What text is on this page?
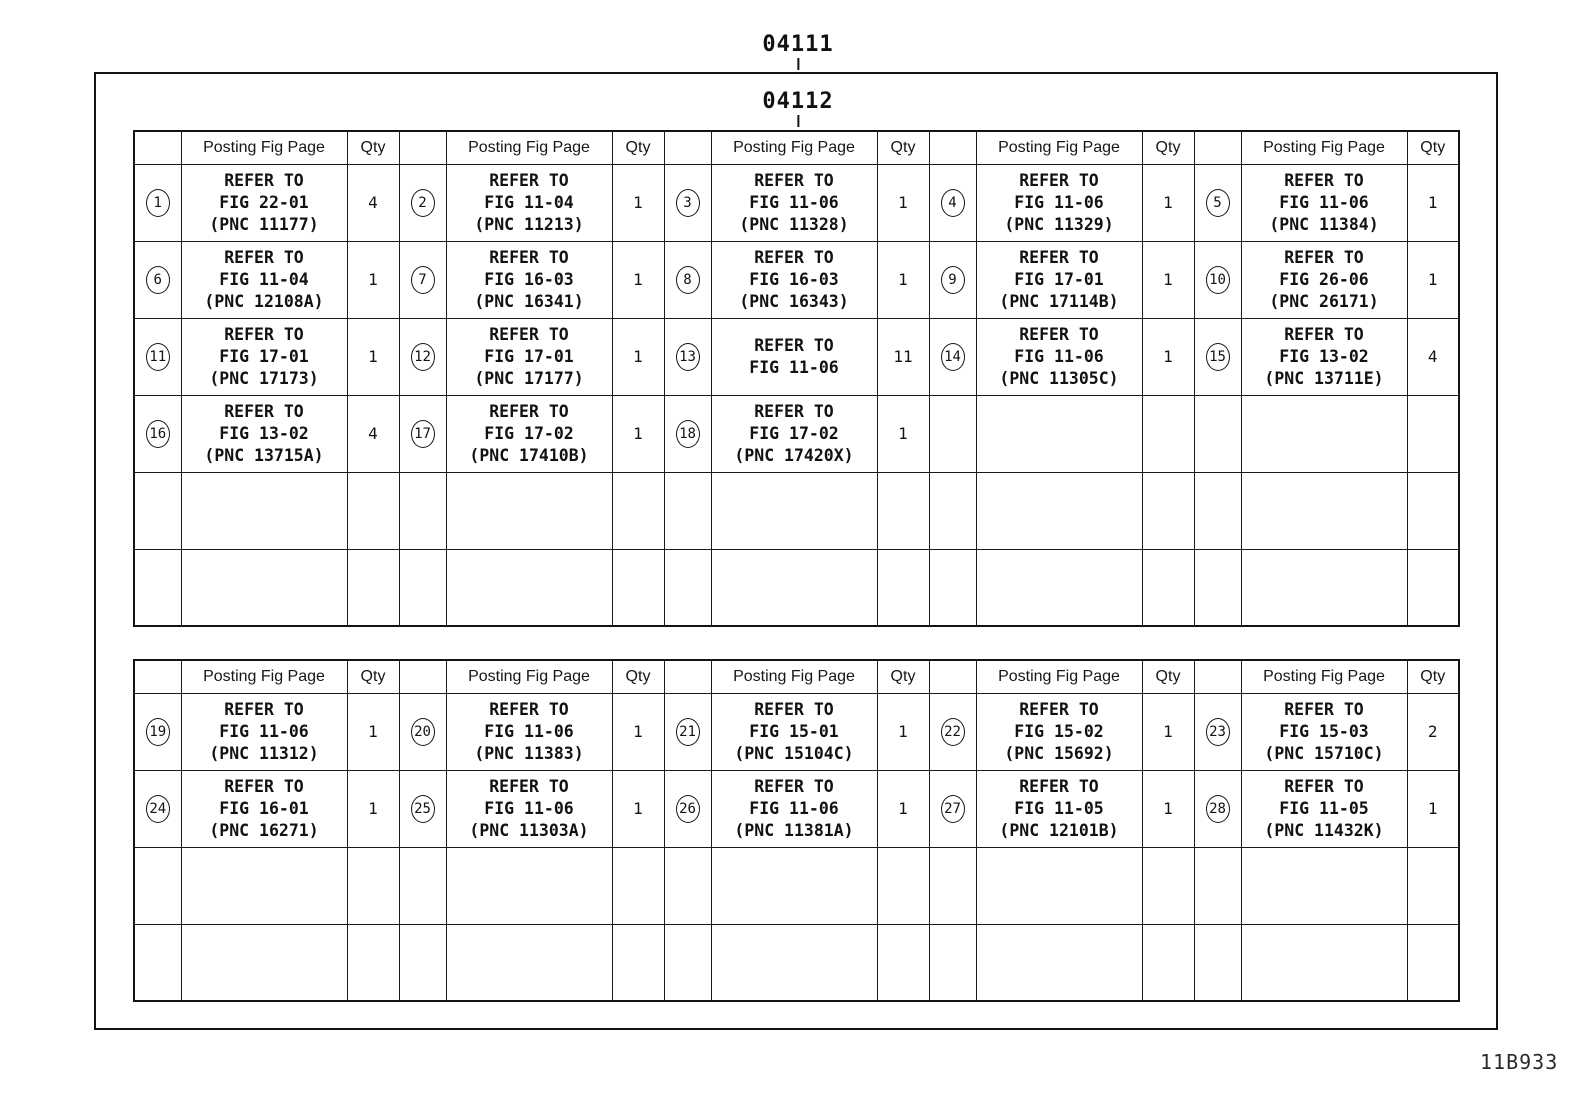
04111
04112
	Posting Fig Page	Qty		Posting Fig Page	Qty		Posting Fig Page	Qty		Posting Fig Page	Qty		Posting Fig Page	Qty
1	
REFER TO
FIG 22-01
(PNC 11177)
	4	2	
REFER TO
FIG 11-04
(PNC 11213)
	1	3	
REFER TO
FIG 11-06
(PNC 11328)
	1	4	
REFER TO
FIG 11-06
(PNC 11329)
	1	5	
REFER TO
FIG 11-06
(PNC 11384)
	1
6	
REFER TO
FIG 11-04
(PNC 12108A)
	1	7	
REFER TO
FIG 16-03
(PNC 16341)
	1	8	
REFER TO
FIG 16-03
(PNC 16343)
	1	9	
REFER TO
FIG 17-01
(PNC 17114B)
	1	10	
REFER TO
FIG 26-06
(PNC 26171)
	1
11	
REFER TO
FIG 17-01
(PNC 17173)
	1	12	
REFER TO
FIG 17-01
(PNC 17177)
	1	13	
REFER TO
FIG 11-06
	11	14	
REFER TO
FIG 11-06
(PNC 11305C)
	1	15	
REFER TO
FIG 13-02
(PNC 13711E)
	4
16	
REFER TO
FIG 13-02
(PNC 13715A)
	4	17	
REFER TO
FIG 17-02
(PNC 17410B)
	1	18	
REFER TO
FIG 17-02
(PNC 17420X)
	1						

	Posting Fig Page	Qty		Posting Fig Page	Qty		Posting Fig Page	Qty		Posting Fig Page	Qty		Posting Fig Page	Qty
19	
REFER TO
FIG 11-06
(PNC 11312)
	1	20	
REFER TO
FIG 11-06
(PNC 11383)
	1	21	
REFER TO
FIG 15-01
(PNC 15104C)
	1	22	
REFER TO
FIG 15-02
(PNC 15692)
	1	23	
REFER TO
FIG 15-03
(PNC 15710C)
	2
24	
REFER TO
FIG 16-01
(PNC 16271)
	1	25	
REFER TO
FIG 11-06
(PNC 11303A)
	1	26	
REFER TO
FIG 11-06
(PNC 11381A)
	1	27	
REFER TO
FIG 11-05
(PNC 12101B)
	1	28	
REFER TO
FIG 11-05
(PNC 11432K)
	1

11B933
